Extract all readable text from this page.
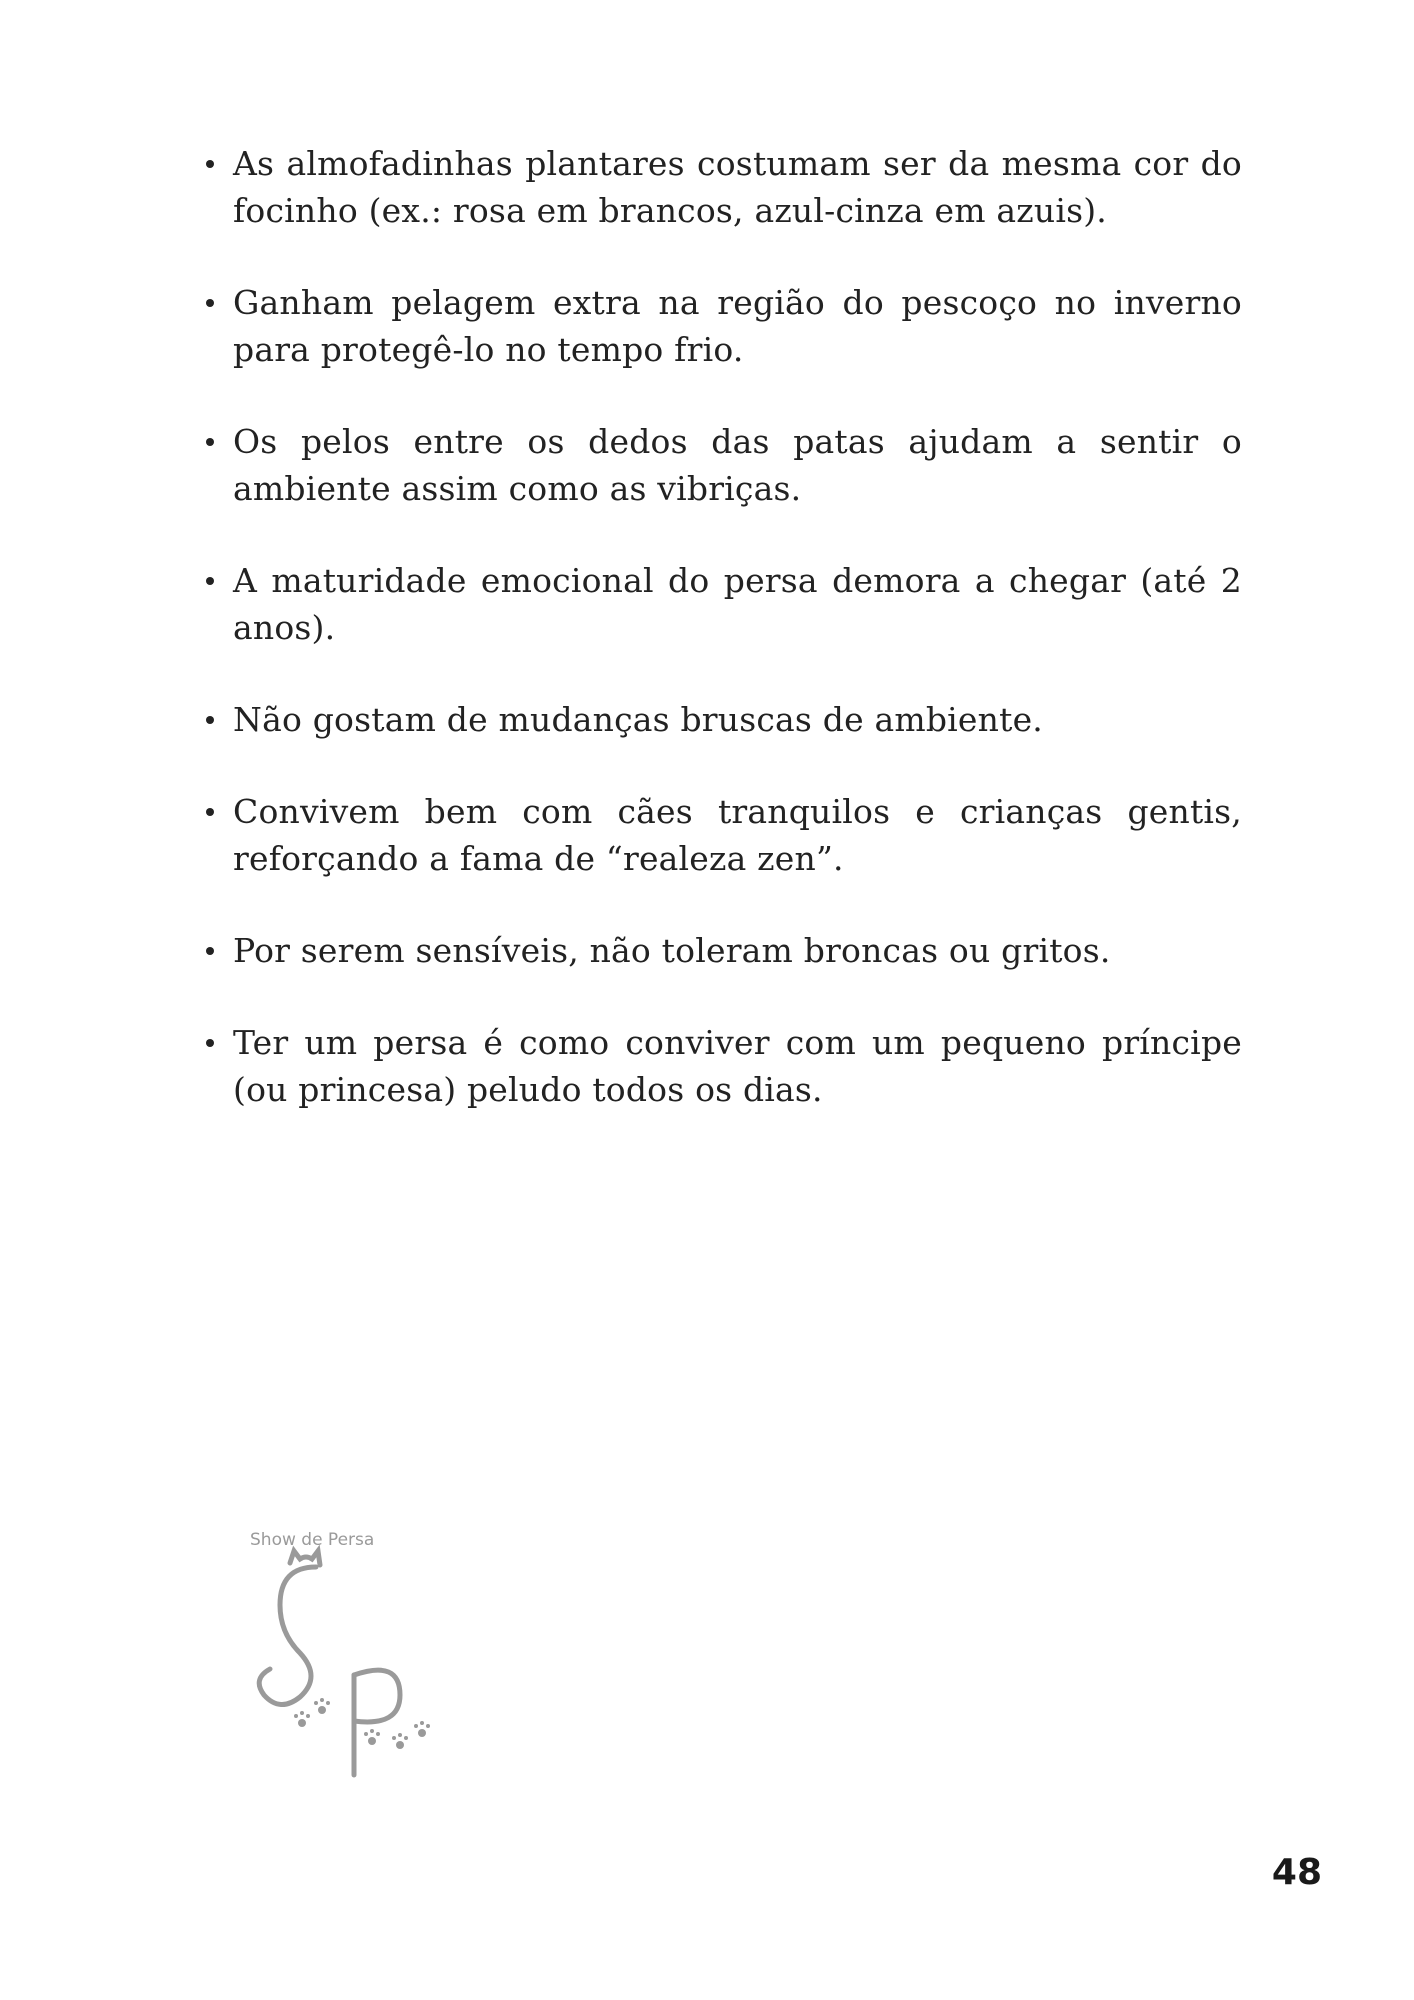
As almofadinhas plantares costumam ser da mesma cor do focinho (ex.: rosa em brancos, azul-cinza em azuis).
Ganham pelagem extra na região do pescoço no inverno para protegê-lo no tempo frio.
Os pelos entre os dedos das patas ajudam a sentir o ambiente assim como as vibriças.
A maturidade emocional do persa demora a chegar (até 2 anos).
Não gostam de mudanças bruscas de ambiente.
Convivem bem com cães tranquilos e crianças gentis, reforçando a fama de “realeza zen”.
Por serem sensíveis, não toleram broncas ou gritos.
Ter um persa é como conviver com um pequeno príncipe (ou princesa) peludo todos os dias.
Show de Persa
48
